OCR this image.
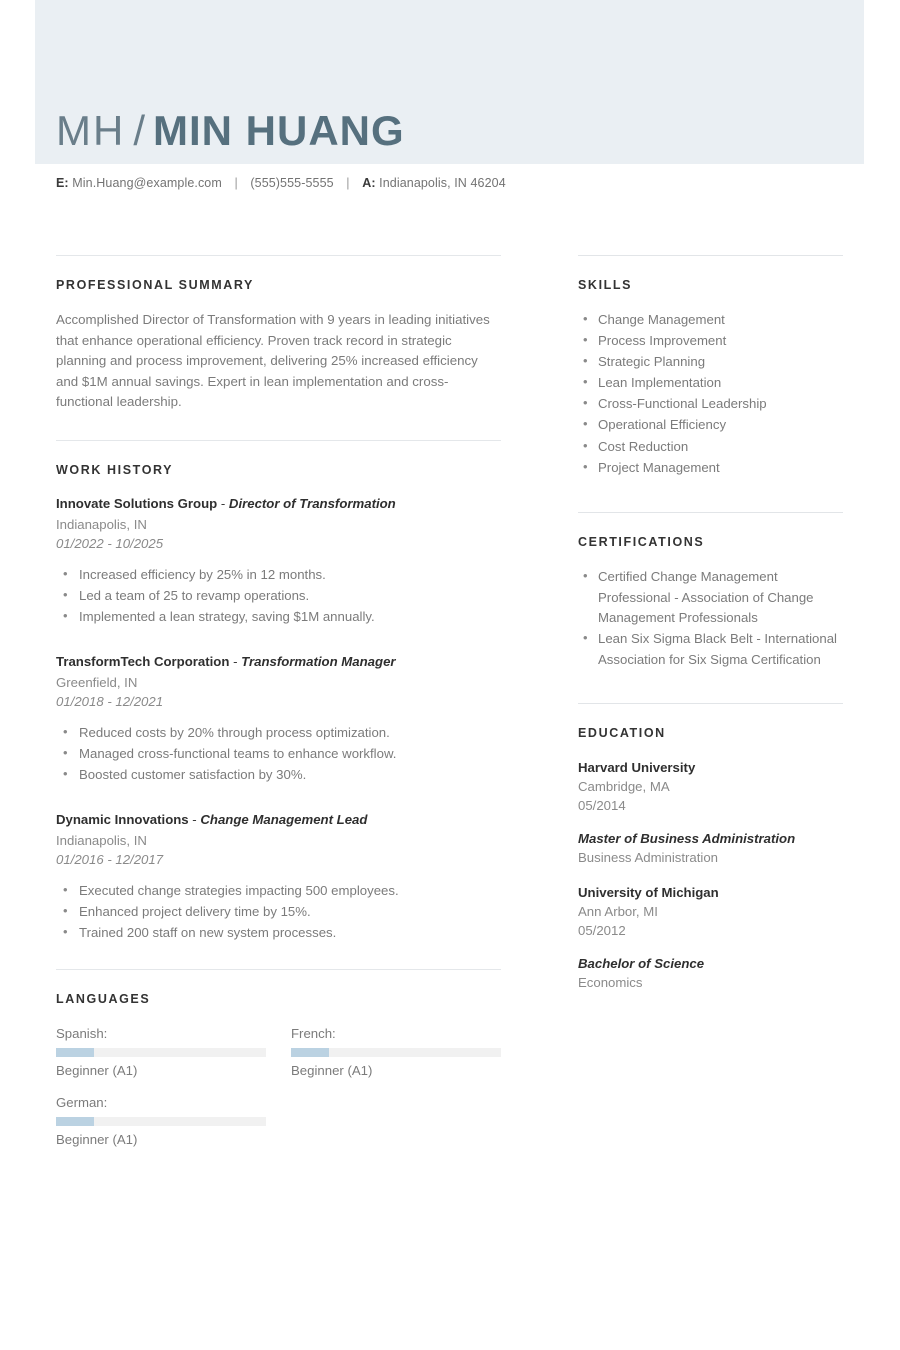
MH / MIN HUANG
E: Min.Huang@example.com | (555)555-5555 | A: Indianapolis, IN 46204
PROFESSIONAL SUMMARY

Accomplished Director of Transformation with 9 years in leading initiatives that enhance operational efficiency. Proven track record in strategic planning and process improvement, delivering 25% increased efficiency and $1M annual savings. Expert in lean implementation and cross-functional leadership.

WORK HISTORY
Innovate Solutions Group - Director of Transformation
Indianapolis, IN
01/2022 - 10/2025
• Increased efficiency by 25% in 12 months.
• Led a team of 25 to revamp operations.
• Implemented a lean strategy, saving $1M annually.
TransformTech Corporation - Transformation Manager
Greenfield, IN
01/2018 - 12/2021
• Reduced costs by 20% through process optimization.
• Managed cross-functional teams to enhance workflow.
• Boosted customer satisfaction by 30%.
Dynamic Innovations - Change Management Lead
Indianapolis, IN
01/2016 - 12/2017
• Executed change strategies impacting 500 employees.
• Enhanced project delivery time by 15%.
• Trained 200 staff on new system processes.
LANGUAGES
Spanish:
Beginner (A1)
French:
Beginner (A1)
German:
Beginner (A1)
SKILLS
• Change Management
• Process Improvement
• Strategic Planning
• Lean Implementation
• Cross-Functional Leadership
• Operational Efficiency
• Cost Reduction
• Project Management
CERTIFICATIONS
• Certified Change Management Professional - Association of Change Management Professionals
• Lean Six Sigma Black Belt - International Association for Six Sigma Certification
EDUCATION
Harvard University
Cambridge, MA
05/2014
Master of Business Administration
Business Administration
University of Michigan
Ann Arbor, MI
05/2012
Bachelor of Science
Economics
